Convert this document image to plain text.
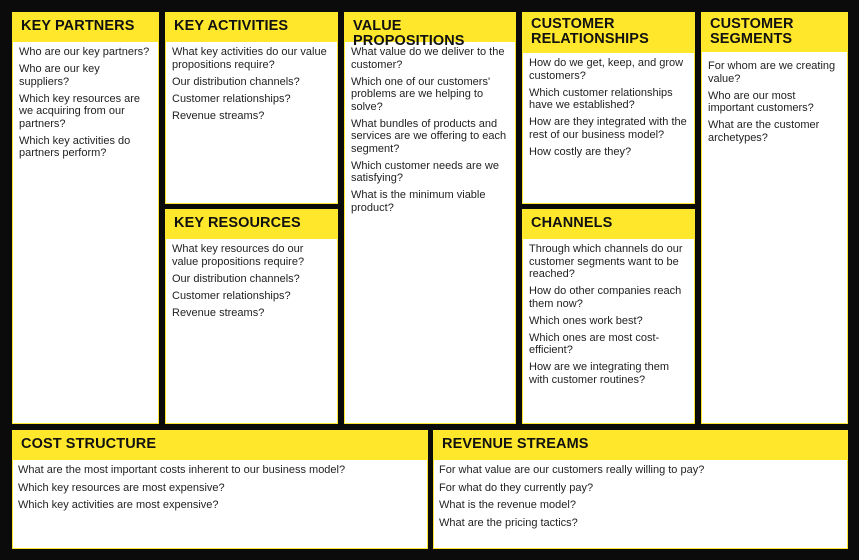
KEY PARTNERS
Who are our key partners?
Who are our key suppliers?
Which key resources are we acquiring from our partners?
Which key activities do partners perform?
KEY ACTIVITIES
What key activities do our value propositions require?
Our distribution channels?
Customer relationships?
Revenue streams?
KEY RESOURCES
What key resources do our value propositions require?
Our distribution channels?
Customer relationships?
Revenue streams?
VALUE PROPOSITIONS
What value do we deliver to the customer?
Which one of our customers' problems are we helping to solve?
What bundles of products and services are we offering to each segment?
Which customer needs are we satisfying?
What is the minimum viable product?
CUSTOMER
RELATIONSHIPS
How do we get, keep, and grow customers?
Which customer relationships have we established?
How are they integrated with the rest of our business model?
How costly are they?
CHANNELS
Through which channels do our customer segments want to be reached?
How do other companies reach them now?
Which ones work best?
Which ones are most cost-efficient?
How are we integrating them with customer routines?
CUSTOMER
SEGMENTS
For whom are we creating value?
Who are our most important customers?
What are the customer archetypes?
COST STRUCTURE
What are the most important costs inherent to our business model?
Which key resources are most expensive?
Which key activities are most expensive?
REVENUE STREAMS
For what value are our customers really willing to pay?
For what do they currently pay?
What is the revenue model?
What are the pricing tactics?
